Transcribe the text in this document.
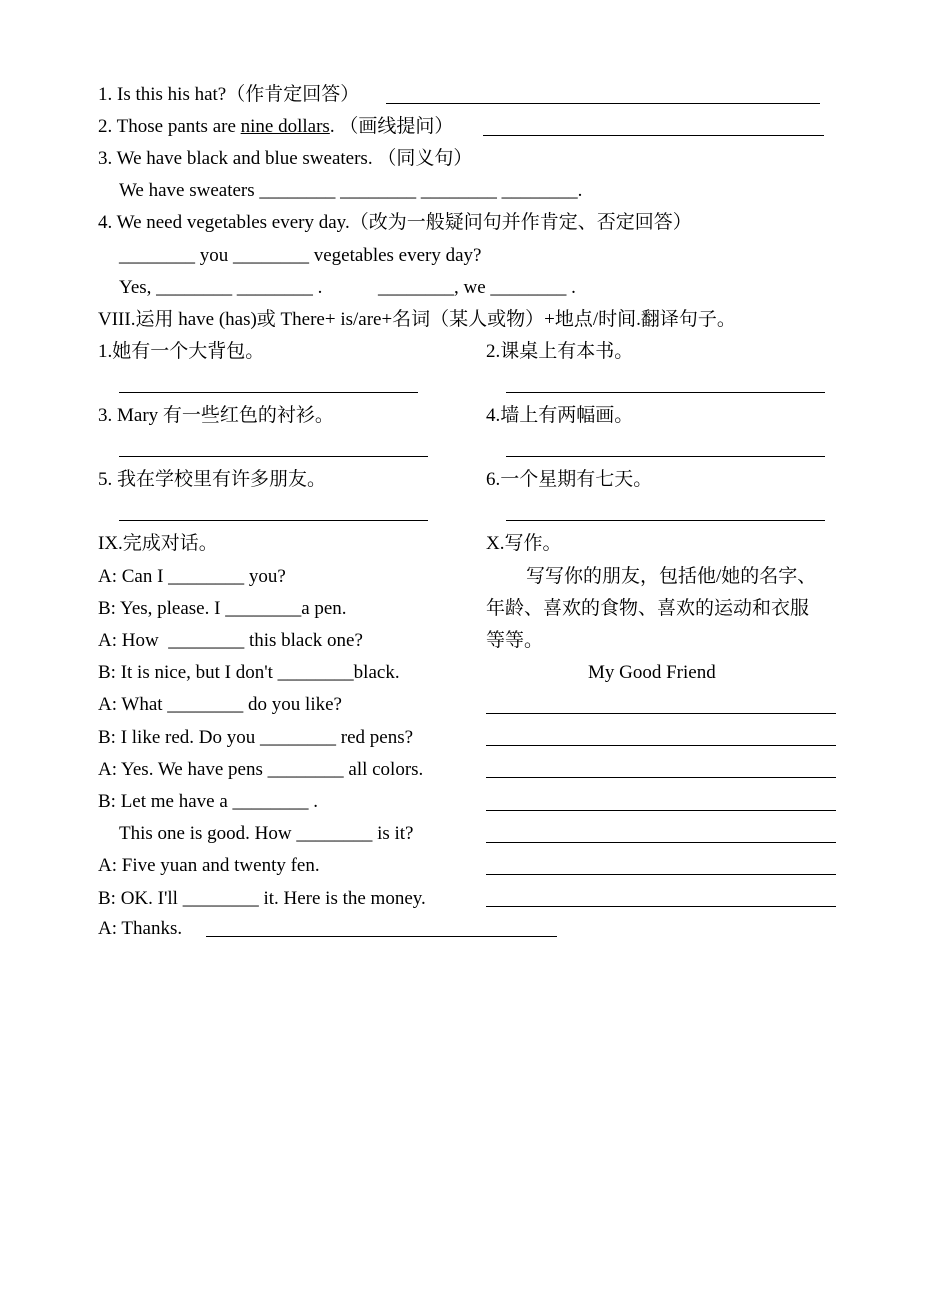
1. Is this his hat?（作肯定回答）
2. Those pants are nine dollars. （画线提问）
3. We have black and blue sweaters. （同义句）
We have sweaters ________ ________ ________ ________.
4. We need vegetables every day.（改为一般疑问句并作肯定、否定回答）
________ you ________ vegetables every day?
Yes, ________ ________ .	________, we ________ .
VIII.运用 have (has)或 There+ is/are+名词（某人或物）+地点/时间.翻译句子。
1.她有一个大背包。	2.课桌上有本书。
3. Mary 有一些红色的衬衫。	4.墙上有两幅画。
5. 我在学校里有许多朋友。	6.一个星期有七天。
IX.完成对话。
A: Can I ________ you?
B: Yes, please. I ________a pen.
A: How  ________ this black one?
B: It is nice, but I don't ________black.
A: What ________ do you like?
B: I like red. Do you ________ red pens?
A: Yes. We have pens ________ all colors.
B: Let me have a ________ .
This one is good. How ________ is it?
A: Five yuan and twenty fen.
B: OK. I'll ________ it. Here is the money.
A: Thanks.
X.写作。
写写你的朋友，包括他/她的名字、
年龄、喜欢的食物、喜欢的运动和衣服
等等。
My Good Friend
